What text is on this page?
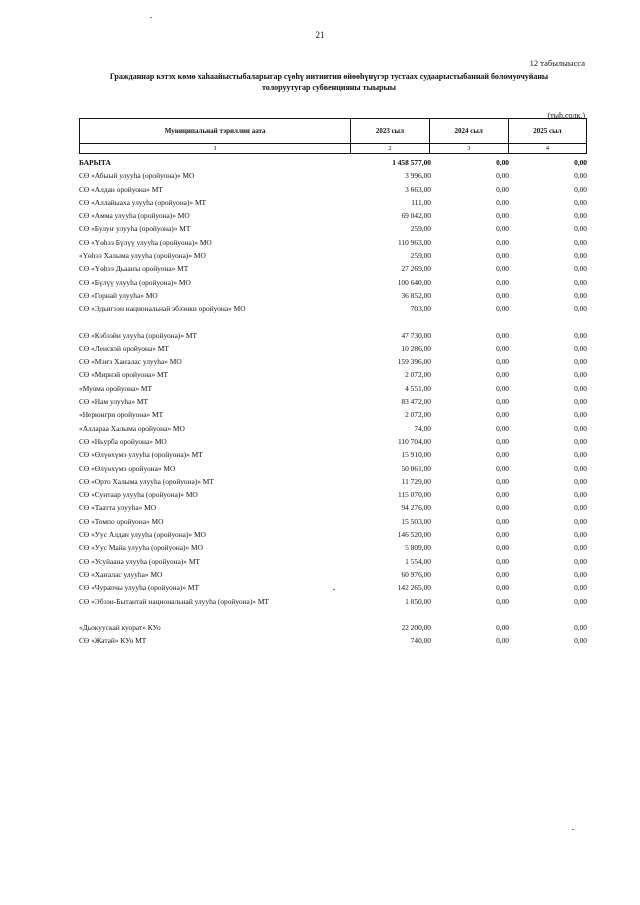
21
12 табылыысса
Гражданнар кэтэх көмө хаһаайыстыбаларыгар сүөһү иитиитин өйөөһүнүгэр тустаах судаарыстыбаннай боломуочуйаны
толоруутугар субвенцияны тыырыы
(тыһ.солк.)
Муниципальнай тэриллии аата	2023 сыл	2024 сыл	2025 сыл
1	2	3	4
БАРЫТА	1 458 577,00	0,00	0,00
СӨ «Абыый улууһа (оройуона)» МО	3 996,00	0,00	0,00
СӨ «Алдан оройуона» МТ	3 663,00	0,00	0,00
СӨ «Аллайыаха улууһа (оройуона)» МТ	111,00	0,00	0,00
СӨ «Амма улууһа (оройуона)» МО	69 042,00	0,00	0,00
СӨ «Булуҥ улууһа (оройуона)» МТ	259,00	0,00	0,00
СӨ «Үөһээ Бүлүү улууһа (оройуона)» МО	110 963,00	0,00	0,00
«Үөһээ Халыма улууһа (оройуона)» МО	259,00	0,00	0,00
СӨ «Үөһээ Дьааҥы оройуона» МТ	27 269,00	0,00	0,00
СӨ «Бүлүү улууһа (оройуона)» МО	100 640,00	0,00	0,00
СӨ «Горнай улууһа» МО	36 852,00	0,00	0,00
СӨ «Эдьигээн национальнай эбээнки оройуона» МО	703,00	0,00	0,00
СӨ «Кэбээйи улууһа (оройуона)» МТ	47 730,00	0,00	0,00
СӨ «Ленскэй оройуона» МТ	10 286,00	0,00	0,00
СӨ «Мэҥэ Хаҥалас улууһа» МО	159 396,00	0,00	0,00
СӨ «Мирнэй оройуона» МТ	2 072,00	0,00	0,00
«Муома оройуона» МТ	4 551,00	0,00	0,00
СӨ «Нам улууһа» МТ	83 472,00	0,00	0,00
«Нерюнгри оройуона» МТ	2 072,00	0,00	0,00
«Аллараа Халыма оройуона» МО	74,00	0,00	0,00
СӨ «Ньурба оройуона» МО	110 704,00	0,00	0,00
СӨ «Өлүөхүмэ улууһа (оройуона)» МТ	15 910,00	0,00	0,00
СӨ «Өлүөхүмэ оройуона» МО	50 061,00	0,00	0,00
СӨ «Орто Халыма улууһа (оройуона)» МТ	11 729,00	0,00	0,00
СӨ «Сунтаар улууһа (оройуона)» МО	115 070,00	0,00	0,00
СӨ «Таатта улууһа» МО	94 276,00	0,00	0,00
СӨ «Томпо оройуона» МО	15 503,00	0,00	0,00
СӨ «Уус Алдан улууһа (оройуона)» МО	146 520,00	0,00	0,00
СӨ «Уус Майа улууһа (оройуона)» МО	5 809,00	0,00	0,00
СӨ «Усуйаана улууһа (оройуона)» МТ	1 554,00	0,00	0,00
СӨ «Хаҥалас улууһа» МО	60 976,00	0,00	0,00
СӨ «Чурапчы улууһа (оройуона)» МТ	142 265,00	0,00	0,00
СӨ «Эбээн-Бытантай национальнай улууһа (оройуона)» МТ	1 850,00	0,00	0,00
«Дьокуускай куорат» КУо	22 200,00	0,00	0,00
СӨ «Жатай» КУо МТ	740,00	0,00	0,00
